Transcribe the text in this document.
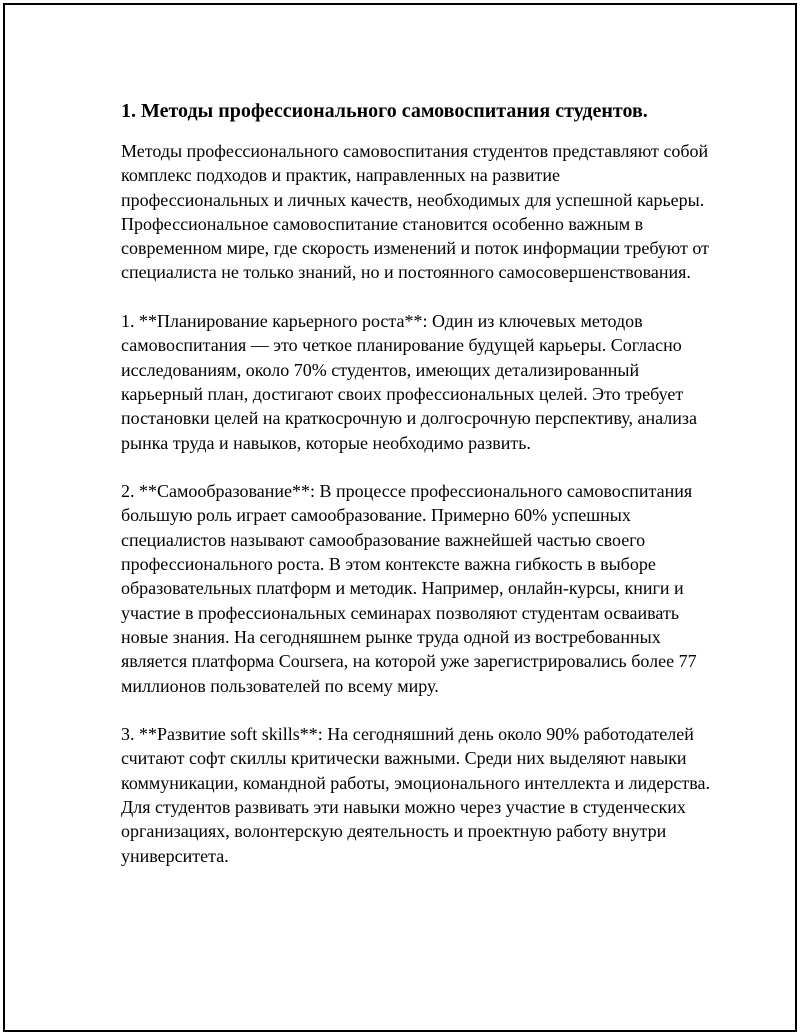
1. Методы профессионального самовоспитания студентов.

Методы профессионального самовоспитания студентов представляют собой комплекс подходов и практик, направленных на развитие профессиональных и личных качеств, необходимых для успешной карьеры. Профессиональное самовоспитание становится особенно важным в современном мире, где скорость изменений и поток информации требуют от специалиста не только знаний, но и постоянного самосовершенствования.

1. **Планирование карьерного роста**: Один из ключевых методов самовоспитания — это четкое планирование будущей карьеры. Согласно исследованиям, около 70% студентов, имеющих детализированный карьерный план, достигают своих профессиональных целей. Это требует постановки целей на краткосрочную и долгосрочную перспективу, анализа рынка труда и навыков, которые необходимо развить.

2. **Самообразование**: В процессе профессионального самовоспитания большую роль играет самообразование. Примерно 60% успешных специалистов называют самообразование важнейшей частью своего профессионального роста. В этом контексте важна гибкость в выборе образовательных платформ и методик. Например, онлайн-курсы, книги и участие в профессиональных семинарах позволяют студентам осваивать новые знания. На сегодняшнем рынке труда одной из востребованных является платформа Coursera, на которой уже зарегистрировались более 77 миллионов пользователей по всему миру.

3. **Развитие soft skills**: На сегодняшний день около 90% работодателей считают софт скиллы критически важными. Среди них выделяют навыки коммуникации, командной работы, эмоционального интеллекта и лидерства. Для студентов развивать эти навыки можно через участие в студенческих организациях, волонтерскую деятельность и проектную работу внутри университета.
